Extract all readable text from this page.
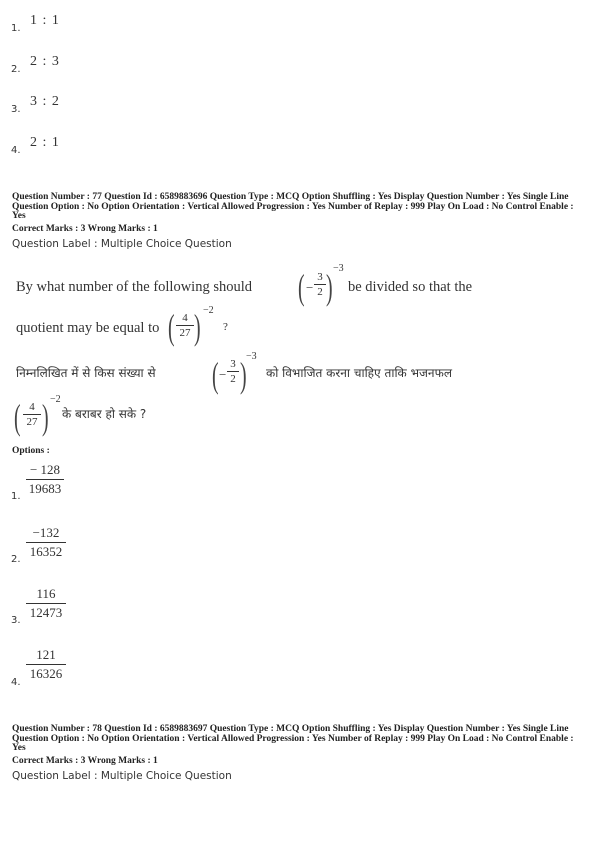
1 : 1
1.
2 : 3
2.
3 : 2
3.
2 : 1
4.
Question Number : 77 Question Id : 6589883696 Question Type : MCQ Option Shuffling : Yes Display Question Number : Yes Single Line Question Option : No Option Orientation : Vertical Allowed Progression : Yes Number of Replay : 999 Play On Load : No Control Enable : Yes
Correct Marks : 3 Wrong Marks : 1
Question Label : Multiple Choice Question
By what number of the following should ( −
3
2 ) −3
be divided so that the
quotient may be equal to ( 4
27 ) −2
?
निम्नलिखित में से किस संख्या से ( −
3
2 ) −3
को विभाजित करना चाहिए ताकि भजनफल
( 4
27 ) −2
के बराबर हो सके ?
Options :
− 128
19683
1.
−132
16352
2.
116
12473
3.
121
16326
4.
Question Number : 78 Question Id : 6589883697 Question Type : MCQ Option Shuffling : Yes Display Question Number : Yes Single Line Question Option : No Option Orientation : Vertical Allowed Progression : Yes Number of Replay : 999 Play On Load : No Control Enable : Yes
Correct Marks : 3 Wrong Marks : 1
Question Label : Multiple Choice Question
